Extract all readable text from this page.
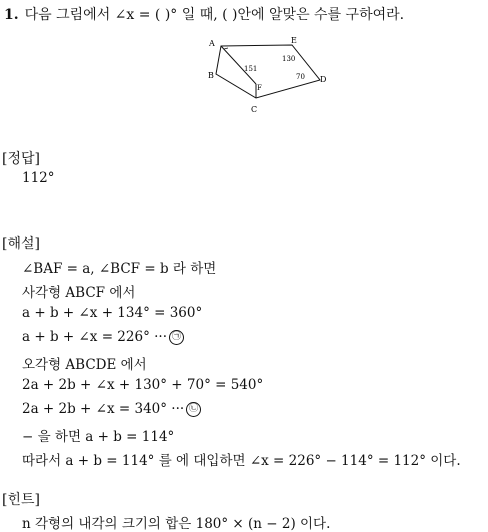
1. 다음 그림에서 ∠x = ( )° 일 때, ( )안에 알맞은 수를 구하여라.
A
B
C
D
E
F
151
130
70
[정답]
112°
[해설]
∠BAF = a, ∠BCF = b 라 하면
사각형 ABCF 에서
a + b + ∠x + 134° = 360°
a + b + ∠x = 226° ··· ㉠
오각형 ABCDE 에서
2a + 2b + ∠x + 130° + 70° = 540°
2a + 2b + ∠x = 340° ··· ㉡
− 을 하면 a + b = 114°
따라서 a + b = 114° 를 에 대입하면 ∠x = 226° − 114° = 112° 이다.
[힌트]
n 각형의 내각의 크기의 합은 180° × (n − 2) 이다.
